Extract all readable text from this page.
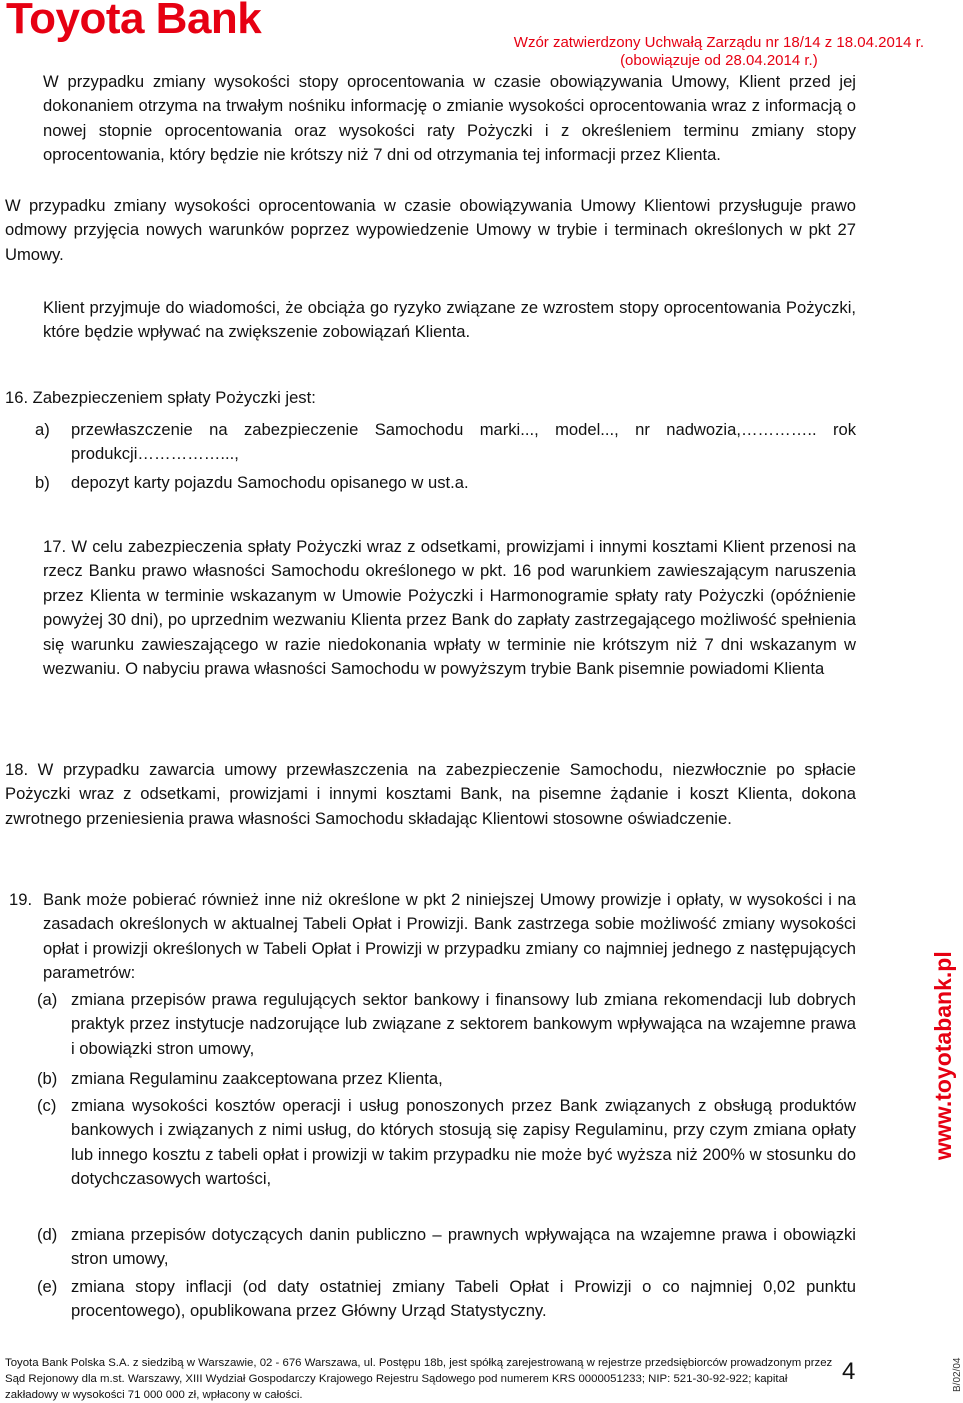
Toyota Bank	Wzór zatwierdzony Uchwałą Zarządu nr 18/14 z 18.04.2014 r.
(obowiązuje od 28.04.2014 r.)
W przypadku zmiany wysokości stopy oprocentowania w czasie obowiązywania Umowy, Klient przed jej dokonaniem otrzyma na trwałym nośniku informację o zmianie wysokości oprocentowania wraz z informacją o nowej stopnie oprocentowania oraz wysokości raty Pożyczki i z określeniem terminu zmiany stopy oprocentowania, który będzie nie krótszy niż 7 dni od otrzymania tej informacji przez Klienta.
W przypadku zmiany wysokości oprocentowania w czasie obowiązywania Umowy Klientowi przysługuje prawo odmowy przyjęcia nowych warunków poprzez wypowiedzenie Umowy w trybie i terminach określonych w pkt 27 Umowy.
Klient przyjmuje do wiadomości, że obciąża go ryzyko związane ze wzrostem stopy oprocentowania Pożyczki, które będzie wpływać na zwiększenie zobowiązań Klienta.
16. Zabezpieczeniem spłaty Pożyczki jest:
a) przewłaszczenie na zabezpieczenie Samochodu marki..., model..., nr nadwozia,………….. rok produkcji……………...,
b) depozyt karty pojazdu Samochodu opisanego w ust.a.
17. W celu zabezpieczenia spłaty Pożyczki wraz z odsetkami, prowizjami i innymi kosztami Klient przenosi na rzecz Banku prawo własności Samochodu określonego w pkt. 16 pod warunkiem zawieszającym naruszenia przez Klienta w terminie wskazanym w Umowie Pożyczki i Harmonogramie spłaty raty Pożyczki (opóźnienie powyżej 30 dni), po uprzednim wezwaniu Klienta przez Bank do zapłaty zastrzegającego możliwość spełnienia się warunku zawieszającego w razie niedokonania wpłaty w terminie nie krótszym niż 7 dni wskazanym w wezwaniu. O nabyciu prawa własności Samochodu w powyższym trybie Bank pisemnie powiadomi Klienta
18. W przypadku zawarcia umowy przewłaszczenia na zabezpieczenie Samochodu, niezwłocznie po spłacie Pożyczki wraz z odsetkami, prowizjami i innymi kosztami Bank, na pisemne żądanie i koszt Klienta, dokona zwrotnego przeniesienia prawa własności Samochodu składając Klientowi stosowne oświadczenie.
19. Bank może pobierać również inne niż określone w pkt 2 niniejszej Umowy prowizje i opłaty, w wysokości i na zasadach określonych w aktualnej Tabeli Opłat i Prowizji. Bank zastrzega sobie możliwość zmiany wysokości opłat i prowizji określonych w Tabeli Opłat i Prowizji w przypadku zmiany co najmniej jednego z następujących parametrów:
(a) zmiana przepisów prawa regulujących sektor bankowy i finansowy lub zmiana rekomendacji lub dobrych praktyk przez instytucje nadzorujące lub związane z sektorem bankowym wpływająca na wzajemne prawa i obowiązki stron umowy,
(b) zmiana Regulaminu zaakceptowana przez Klienta,
(c) zmiana wysokości kosztów operacji i usług ponoszonych przez Bank związanych z obsługą produktów bankowych i związanych z nimi usług, do których stosują się zapisy Regulaminu, przy czym zmiana opłaty lub innego kosztu z tabeli opłat i prowizji w takim przypadku nie może być wyższa niż 200% w stosunku do dotychczasowych wartości,
(d) zmiana przepisów dotyczących danin publiczno – prawnych wpływająca na wzajemne prawa i obowiązki stron umowy,
(e) zmiana stopy inflacji (od daty ostatniej zmiany Tabeli Opłat i Prowizji o co najmniej 0,02 punktu procentowego), opublikowana przez Główny Urząd Statystyczny.
www.toyotabank.pl
Toyota Bank Polska S.A. z siedzibą w Warszawie, 02 - 676 Warszawa, ul. Postępu 18b, jest spółką zarejestrowaną w rejestrze przedsiębiorców prowadzonym przez Sąd Rejonowy dla m.st. Warszawy, XIII Wydział Gospodarczy Krajowego Rejestru Sądowego pod numerem KRS 0000051233; NIP: 521-30-92-922; kapitał zakładowy w wysokości 71 000 000 zł, wpłacony w całości.
4	B/02/04
